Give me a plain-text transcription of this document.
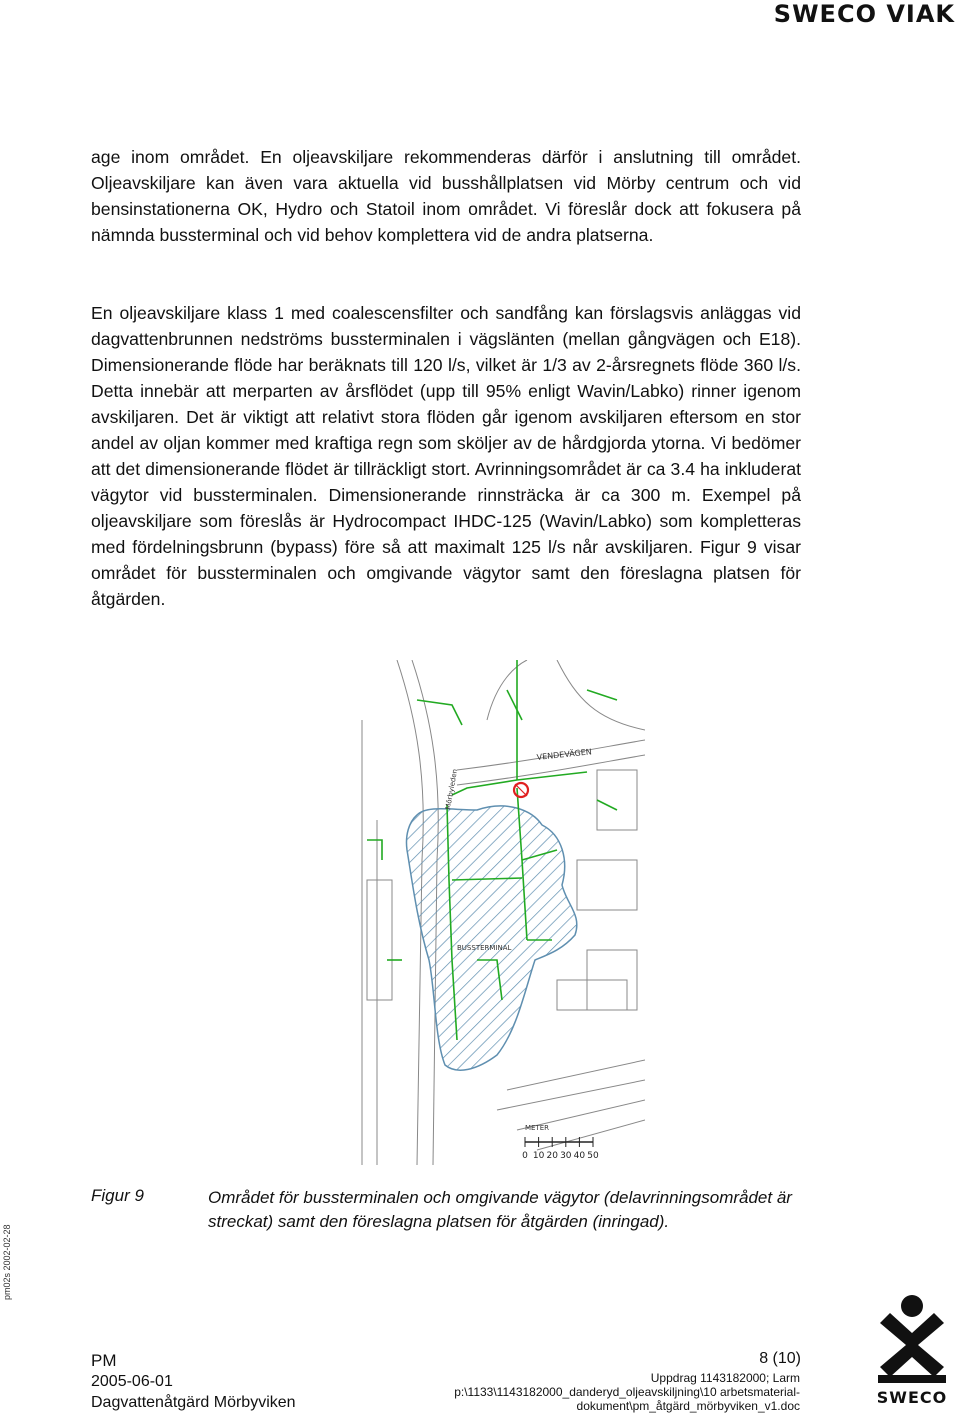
SWECO VIAK

age inom området. En oljeavskiljare rekommenderas därför i anslutning till området. Oljeavskiljare kan även vara aktuella vid busshållplatsen vid Mörby centrum och vid bensinstationerna OK, Hydro och Statoil inom området. Vi föreslår dock att fokusera på nämnda bussterminal och vid behov komplettera vid de andra platserna.

En oljeavskiljare klass 1 med coalescensfilter och sandfång kan förslagsvis anläggas vid dagvattenbrunnen nedströms bussterminalen i vägslänten (mellan gångvägen och E18). Dimensionerande flöde har beräknats till 120 l/s, vilket är 1/3 av 2-årsregnets flöde 360 l/s. Detta innebär att merparten av årsflödet (upp till 95% enligt Wavin/Labko) rinner igenom avskiljaren. Det är viktigt att relativt stora flöden går igenom avskiljaren eftersom en stor andel av oljan kommer med kraftiga regn som sköljer av de hårdgjorda ytorna. Vi bedömer att det dimensionerande flödet är tillräckligt stort. Avrinningsområdet är ca 3.4 ha inkluderat vägytor vid bussterminalen. Dimensionerande rinnsträcka är ca 300 m. Exempel på oljeavskiljare som föreslås är Hydrocompact IHDC-125 (Wavin/Labko) som kompletteras med fördelningsbrunn (bypass) före så att maximalt 125 l/s når avskiljaren. Figur 9 visar området för bussterminalen och omgivande vägytor samt den föreslagna platsen för åtgärden.

VENDEVÄGEN
Mörbyleden
BUSSTERMINAL
METER
0 10 20 30 40 50
Figur 9	Området för bussterminalen och omgivande vägytor (delavrinningsområdet är streckat) samt den föreslagna platsen för åtgärden (inringad).

pm02s 2002-02-28
PM
2005-06-01
Dagvattenåtgärd Mörbyviken
8 (10)
Uppdrag 1143182000; Larm
p:\1133\1143182000_danderyd_oljeavskiljning\10 arbetsmaterial-
dokument\pm_åtgärd_mörbyviken_v1.doc	SWECO
